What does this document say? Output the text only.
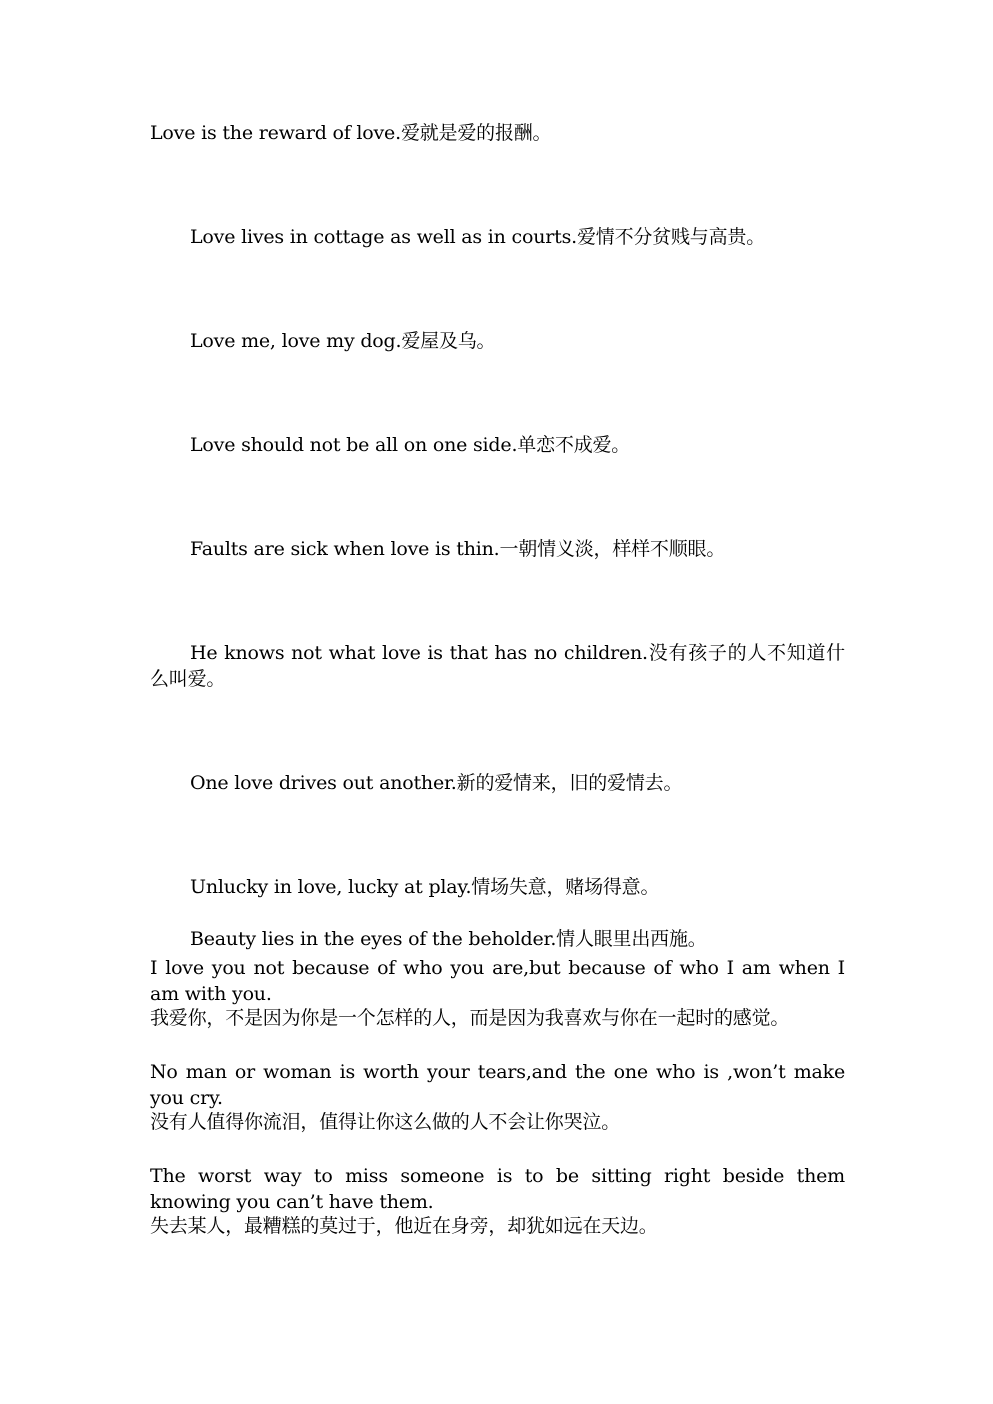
Love is the reward of love.爱就是爱的报酬。
Love lives in cottage as well as in courts.爱情不分贫贱与高贵。
Love me, love my dog.爱屋及乌。
Love should not be all on one side.单恋不成爱。
Faults are sick when love is thin.一朝情义淡，样样不顺眼。
He knows not what love is that has no children.没有孩子的人不知道什么叫爱。
One love drives out another.新的爱情来，旧的爱情去。
Unlucky in love, lucky at play.情场失意，赌场得意。
Beauty lies in the eyes of the beholder.情人眼里出西施。
I love you not because of who you are,but because of who I am when I am with you.
我爱你，不是因为你是一个怎样的人，而是因为我喜欢与你在一起时的感觉。
No man or woman is worth your tears,and the one who is ,won’t make you cry.
没有人值得你流泪，值得让你这么做的人不会让你哭泣。
The worst way to miss someone is to be sitting right beside them knowing you can’t have them.
失去某人，最糟糕的莫过于，他近在身旁，却犹如远在天边。
